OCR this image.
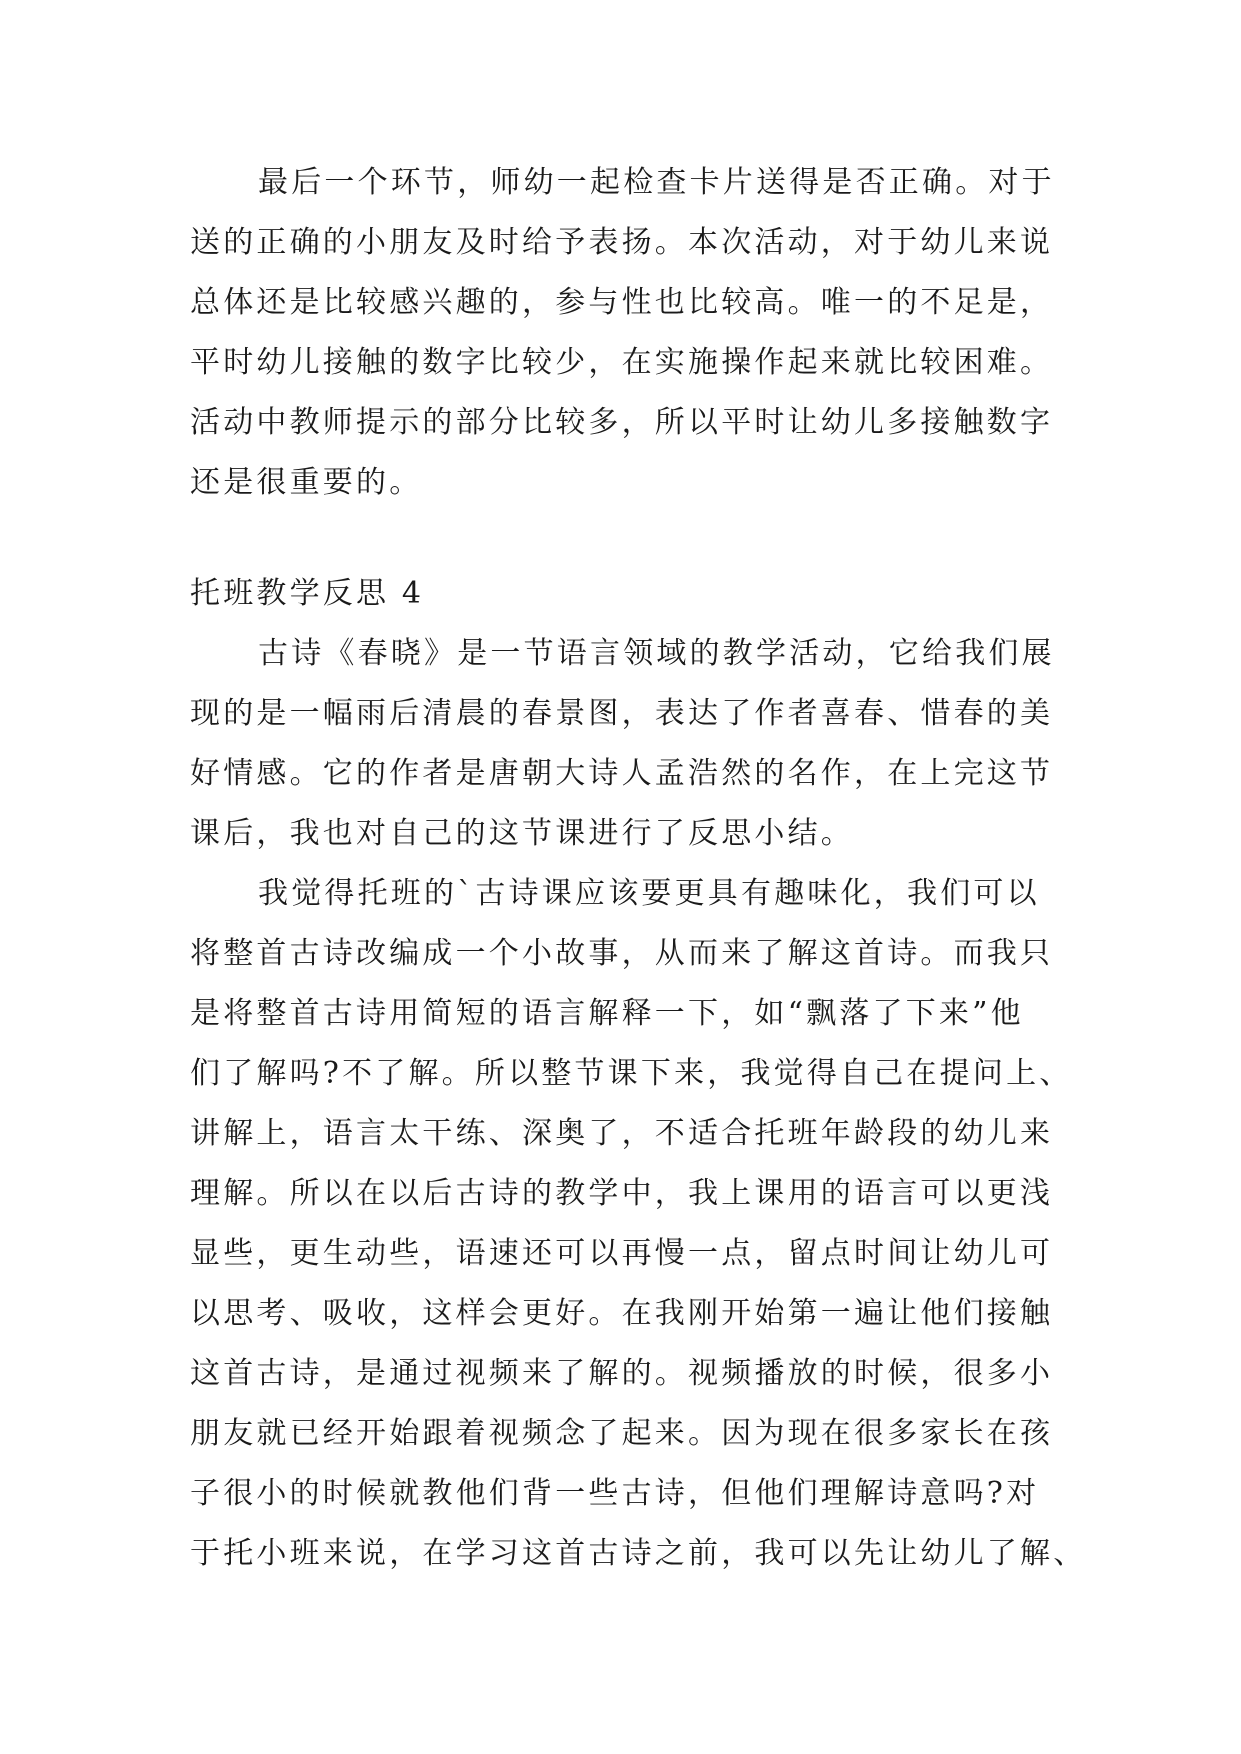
最后一个环节，师幼一起检查卡片送得是否正确。对于
送的正确的小朋友及时给予表扬。本次活动，对于幼儿来说
总体还是比较感兴趣的，参与性也比较高。唯一的不足是，
平时幼儿接触的数字比较少，在实施操作起来就比较困难。
活动中教师提示的部分比较多，所以平时让幼儿多接触数字
还是很重要的。
托班教学反思 4
古诗《春晓》是一节语言领域的教学活动，它给我们展
现的是一幅雨后清晨的春景图，表达了作者喜春、惜春的美
好情感。它的作者是唐朝大诗人孟浩然的名作，在上完这节
课后，我也对自己的这节课进行了反思小结。
我觉得托班的`古诗课应该要更具有趣味化，我们可以
将整首古诗改编成一个小故事，从而来了解这首诗。而我只
是将整首古诗用简短的语言解释一下，如“飘落了下来”他
们了解吗?不了解。所以整节课下来，我觉得自己在提问上、
讲解上，语言太干练、深奥了，不适合托班年龄段的幼儿来
理解。所以在以后古诗的教学中，我上课用的语言可以更浅
显些，更生动些，语速还可以再慢一点，留点时间让幼儿可
以思考、吸收，这样会更好。在我刚开始第一遍让他们接触
这首古诗，是通过视频来了解的。视频播放的时候，很多小
朋友就已经开始跟着视频念了起来。因为现在很多家长在孩
子很小的时候就教他们背一些古诗，但他们理解诗意吗?对
于托小班来说，在学习这首古诗之前，我可以先让幼儿了解、
